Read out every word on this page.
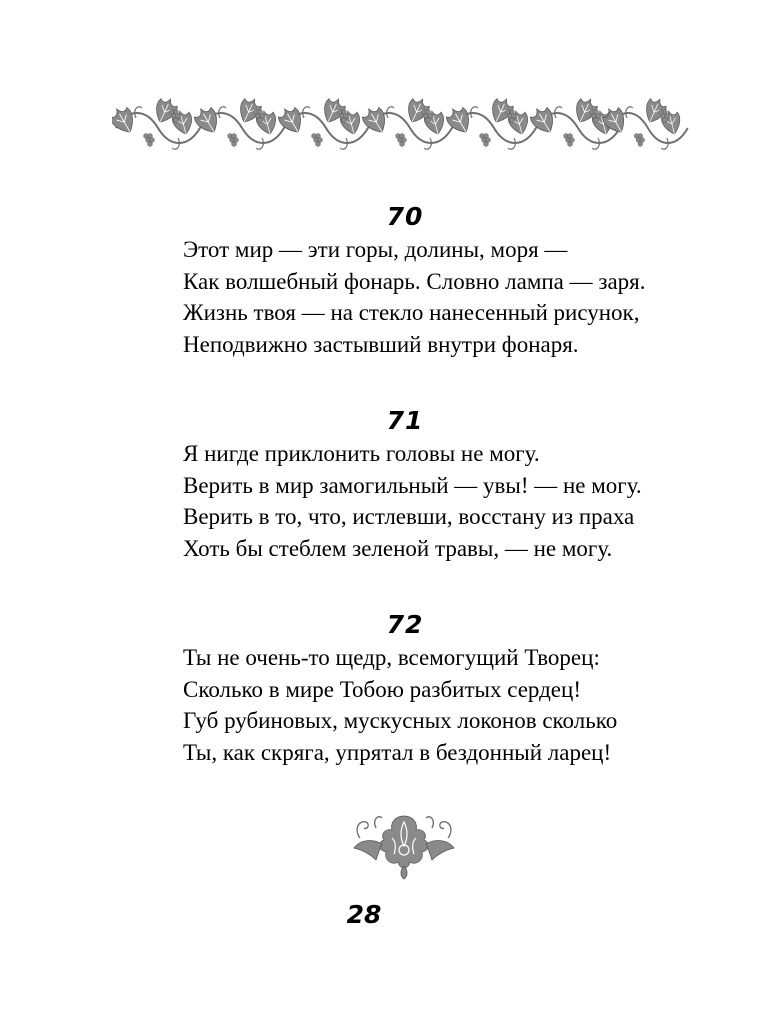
70
Этот мир — эти горы, долины, моря —
Как волшебный фонарь. Словно лампа — заря.
Жизнь твоя — на стекло нанесенный рисунок,
Неподвижно застывший внутри фонаря.
71
Я нигде приклонить головы не могу.
Верить в мир замогильный — увы! — не могу.
Верить в то, что, истлевши, восстану из праха
Хоть бы стеблем зеленой травы, — не могу.
72
Ты не очень-то щедр, всемогущий Творец:
Сколько в мире Тобою разбитых сердец!
Губ рубиновых, мускусных локонов сколько
Ты, как скряга, упрятал в бездонный ларец!
28
